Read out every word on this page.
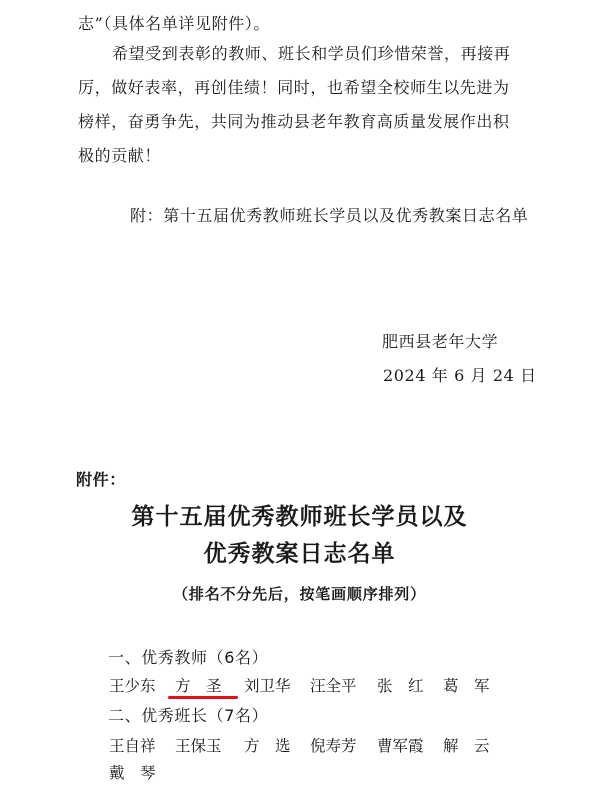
志”（具体名单详见附件）。
希望受到表彰的教师、班长和学员们珍惜荣誉，再接再
厉，做好表率，再创佳绩！同时，也希望全校师生以先进为
榜样，奋勇争先，共同为推动县老年教育高质量发展作出积
极的贡献！
附：第十五届优秀教师班长学员以及优秀教案日志名单
肥西县老年大学
2024 年 6 月 24 日
附件：
第十五届优秀教师班长学员以及
优秀教案日志名单
（排名不分先后，按笔画顺序排列）
一、优秀教师（6名）
王少东 方　圣 刘卫华 汪全平 张　红 葛　军
二、优秀班长（7名）
王自祥 王保玉 方　选 倪寿芳 曹军霞 解　云
戴　琴
